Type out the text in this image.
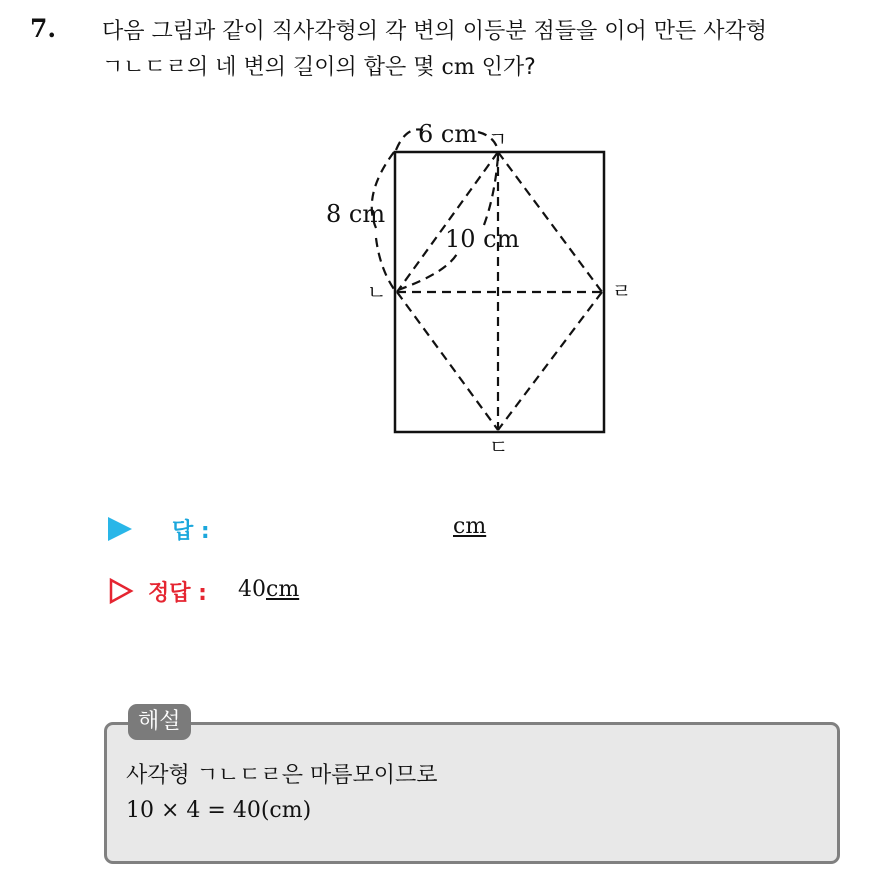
7. 다음 그림과 같이 직사각형의 각 변의 이등분 점들을 이어 만든 사각형
ㄱㄴㄷㄹ의 네 변의 길이의 합은 몇 cm 인가?
6 cm
8 cm
10 cm
ㄱ
ㄴ
ㄷ
ㄹ
답 :	cm
정답 : 40cm
해설
사각형 ㄱㄴㄷㄹ은 마름모이므로
10 × 4 = 40(cm)
